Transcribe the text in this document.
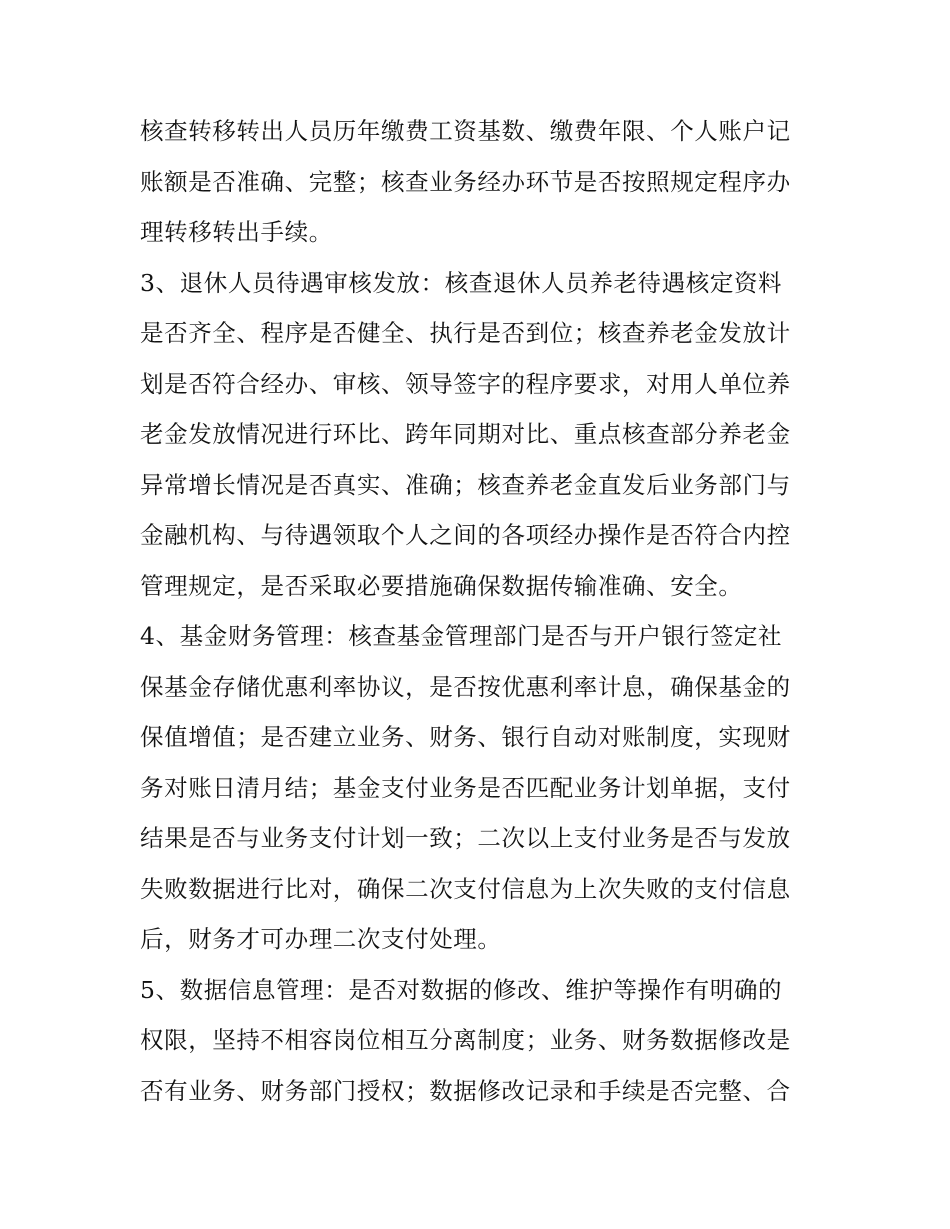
核查转移转出人员历年缴费工资基数、缴费年限、个人账户记
账额是否准确、完整；核查业务经办环节是否按照规定程序办
理转移转出手续。
3、退休人员待遇审核发放：核查退休人员养老待遇核定资料
是否齐全、程序是否健全、执行是否到位；核查养老金发放计
划是否符合经办、审核、领导签字的程序要求，对用人单位养
老金发放情况进行环比、跨年同期对比、重点核查部分养老金
异常增长情况是否真实、准确；核查养老金直发后业务部门与
金融机构、与待遇领取个人之间的各项经办操作是否符合内控
管理规定，是否采取必要措施确保数据传输准确、安全。
4、基金财务管理：核查基金管理部门是否与开户银行签定社
保基金存储优惠利率协议，是否按优惠利率计息，确保基金的
保值增值；是否建立业务、财务、银行自动对账制度，实现财
务对账日清月结；基金支付业务是否匹配业务计划单据，支付
结果是否与业务支付计划一致；二次以上支付业务是否与发放
失败数据进行比对，确保二次支付信息为上次失败的支付信息
后，财务才可办理二次支付处理。
5、数据信息管理：是否对数据的修改、维护等操作有明确的
权限，坚持不相容岗位相互分离制度；业务、财务数据修改是
否有业务、财务部门授权；数据修改记录和手续是否完整、合
